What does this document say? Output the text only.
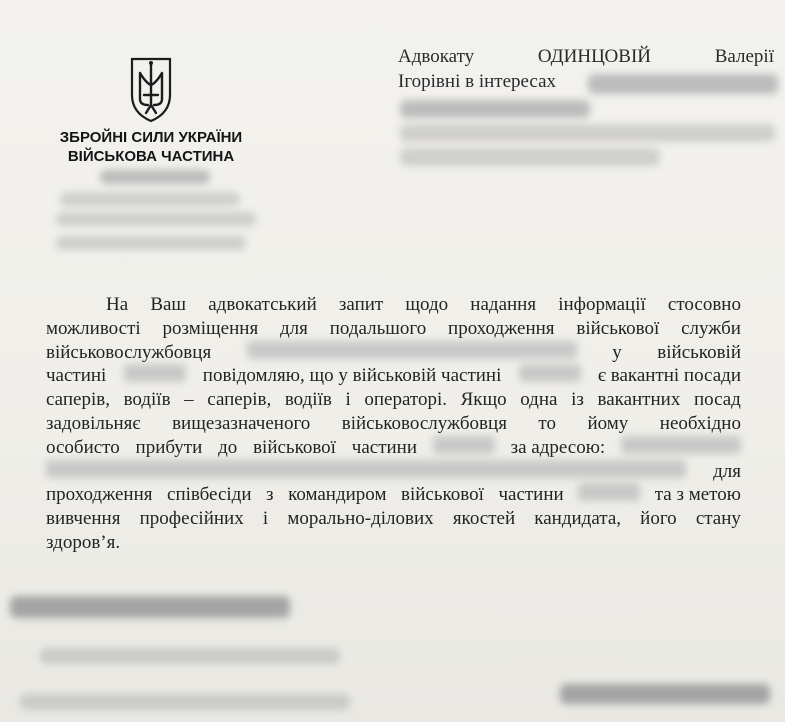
ЗБРОЙНІ СИЛИ УКРАЇНИ
ВІЙСЬКОВА ЧАСТИНА
Адвокату	ОДИНЦОВІЙ	Валерії
Ігорівні в інтересах
На Ваш адвокатський запит щодо надання інформації стосовно
можливості розміщення для подальшого проходження військової служби
військовослужбовця	у військовій
частині	повідомляю, що у військовій частині	є вакантні посади
саперів, водіїв – саперів, водіїв і операторі. Якщо одна із вакантних посад
задовільняє вищезазначеного військовослужбовця то йому необхідно
особисто прибути до військової частини	за адресою:
для
проходження співбесіди з командиром військової частини	та з метою
вивчення професійних і морально-ділових якостей кандидата, його стану
здоров’я.
